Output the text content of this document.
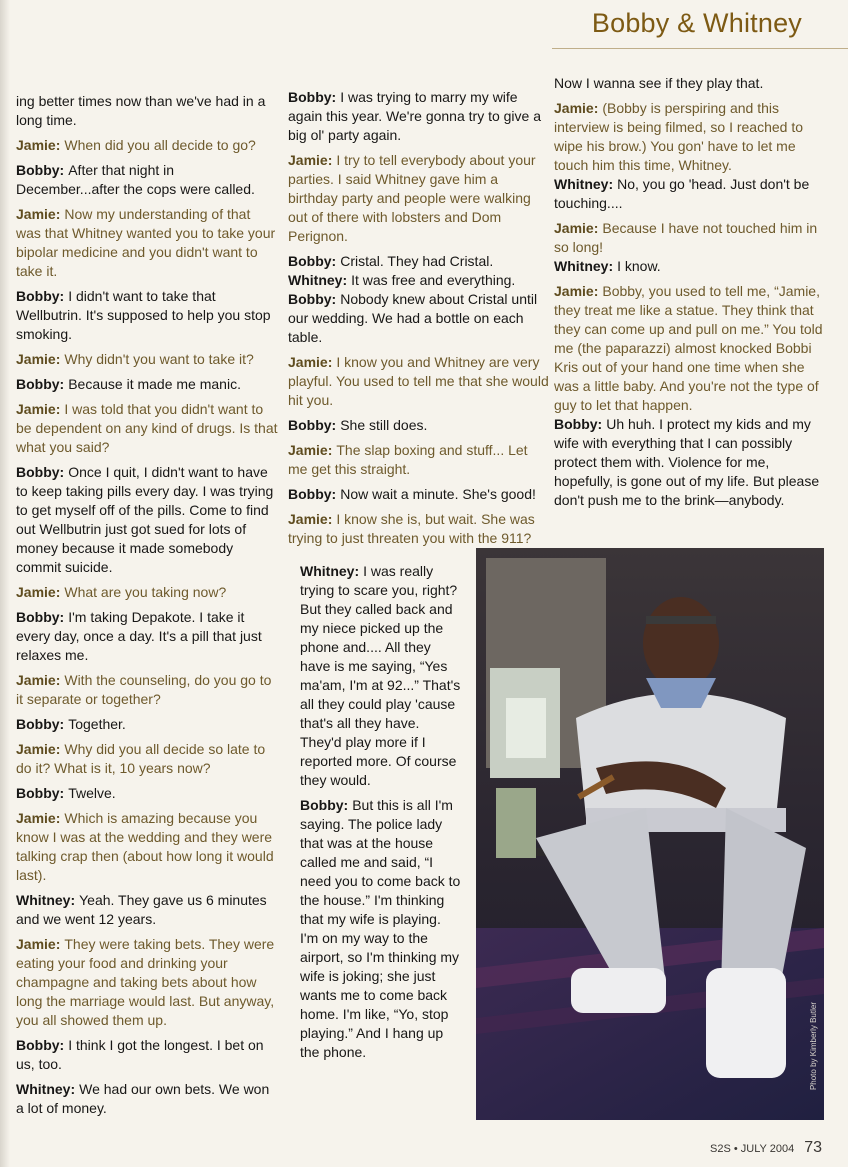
Bobby & Whitney

ing better times now than we've had in a long time.

Jamie: When did you all decide to go?

Bobby: After that night in December...after the cops were called.

Jamie: Now my understanding of that was that Whitney wanted you to take your bipolar medicine and you didn't want to take it.

Bobby: I didn't want to take that Wellbutrin. It's supposed to help you stop smoking.

Jamie: Why didn't you want to take it?

Bobby: Because it made me manic.

Jamie: I was told that you didn't want to be dependent on any kind of drugs. Is that what you said?

Bobby: Once I quit, I didn't want to have to keep taking pills every day. I was trying to get myself off of the pills. Come to find out Wellbutrin just got sued for lots of money because it made somebody commit suicide.

Jamie: What are you taking now?

Bobby: I'm taking Depakote. I take it every day, once a day. It's a pill that just relaxes me.

Jamie: With the counseling, do you go to it separate or together?

Bobby: Together.

Jamie: Why did you all decide so late to do it? What is it, 10 years now?

Bobby: Twelve.

Jamie: Which is amazing because you know I was at the wedding and they were talking crap then (about how long it would last).

Whitney: Yeah. They gave us 6 minutes and we went 12 years.

Jamie: They were taking bets. They were eating your food and drinking your champagne and taking bets about how long the marriage would last. But anyway, you all showed them up.

Bobby: I think I got the longest. I bet on us, too.

Whitney: We had our own bets. We won a lot of money.

Bobby: I was trying to marry my wife again this year. We're gonna try to give a big ol' party again.

Jamie: I try to tell everybody about your parties. I said Whitney gave him a birthday party and people were walking out of there with lobsters and Dom Perignon.

Bobby: Cristal. They had Cristal.

Whitney: It was free and everything.

Bobby: Nobody knew about Cristal until our wedding. We had a bottle on each table.

Jamie: I know you and Whitney are very playful. You used to tell me that she would hit you.

Bobby: She still does.

Jamie: The slap boxing and stuff... Let me get this straight.

Bobby: Now wait a minute. She's good!

Jamie: I know she is, but wait. She was trying to just threaten you with the 911?

Now I wanna see if they play that.

Jamie: (Bobby is perspiring and this interview is being filmed, so I reached to wipe his brow.) You gon' have to let me touch him this time, Whitney.

Whitney: No, you go 'head. Just don't be touching....

Jamie: Because I have not touched him in so long!

Whitney: I know.

Jamie: Bobby, you used to tell me, “Jamie, they treat me like a statue. They think that they can come up and pull on me.” You told me (the paparazzi) almost knocked Bobbi Kris out of your hand one time when she was a little baby. And you're not the type of guy to let that happen.

Bobby: Uh huh. I protect my kids and my wife with everything that I can possibly protect them with. Violence for me, hopefully, is gone out of my life. But please don't push me to the brink—anybody.

Whitney: I was really trying to scare you, right? But they called back and my niece picked up the phone and.... All they have is me saying, “Yes ma'am, I'm at 92...” That's all they could play 'cause that's all they have. They'd play more if I reported more. Of course they would.

Bobby: But this is all I'm saying. The police lady that was at the house called me and said, “I need you to come back to the house.” I'm thinking that my wife is playing. I'm on my way to the airport, so I'm thinking my wife is joking; she just wants me to come back home. I'm like, “Yo, stop playing.” And I hang up the phone.	Photo by Kimberly Butler
S2S • JULY 2004 73
